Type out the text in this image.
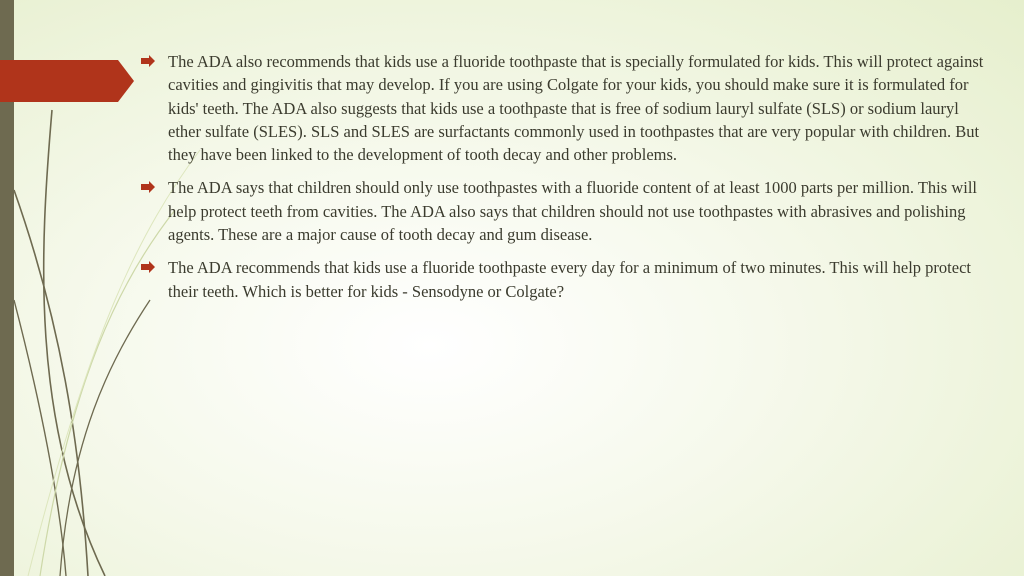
The ADA also recommends that kids use a fluoride toothpaste that is specially formulated for kids. This will protect against cavities and gingivitis that may develop. If you are using Colgate for your kids, you should make sure it is formulated for kids' teeth. The ADA also suggests that kids use a toothpaste that is free of sodium lauryl sulfate (SLS) or sodium lauryl ether sulfate (SLES). SLS and SLES are surfactants commonly used in toothpastes that are very popular with children. But they have been linked to the development of tooth decay and other problems.
The ADA says that children should only use toothpastes with a fluoride content of at least 1000 parts per million. This will help protect teeth from cavities. The ADA also says that children should not use toothpastes with abrasives and polishing agents. These are a major cause of tooth decay and gum disease.
The ADA recommends that kids use a fluoride toothpaste every day for a minimum of two minutes. This will help protect their teeth. Which is better for kids - Sensodyne or Colgate?
